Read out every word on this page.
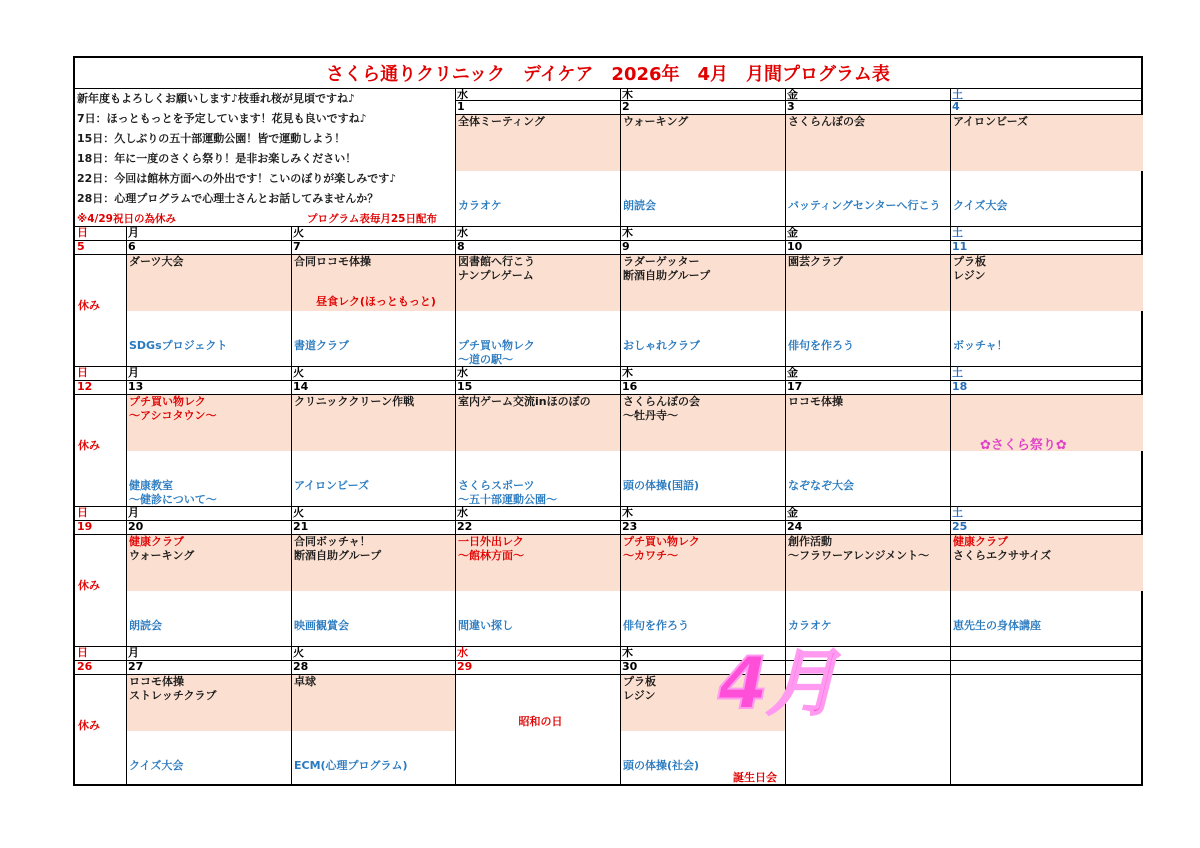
さくら通りクリニック　デイケア　2026年　4月　月間プログラム表
水
1
全体ミーティング
カラオケ
木
2
ウォーキング
朗読会
金
3
さくらんぼの会
バッティングセンターへ行こう
土
4
アイロンビーズ
クイズ大会
日
5
月
6
火
7
水
8
木
9
金
10
土
11
休み
ダーツ大会
SDGsプロジェクト
合同ロコモ体操
書道クラブ
図書館へ行こう
ナンプレゲーム
プチ買い物レク
～道の駅～
ラダーゲッター
断酒自助グループ
おしゃれクラブ
園芸クラブ
俳句を作ろう
プラ板
レジン
ボッチャ！
昼食レク(ほっともっと)
日
12
月
13
火
14
水
15
木
16
金
17
土
18
休み
プチ買い物レク
～アシコタウン～
健康教室
～健診について～
クリニッククリーン作戦
アイロンビーズ
室内ゲーム交流inほのぼの
さくらスポーツ
～五十部運動公園～
さくらんぼの会
～牡丹寺～
頭の体操(国語)
ロコモ体操
なぞなぞ大会
✿さくら祭り✿
日
19
月
20
火
21
水
22
木
23
金
24
土
25
休み
健康クラブ
ウォーキング
朗読会
合同ボッチャ！
断酒自助グループ
映画観賞会
一日外出レク
～館林方面～
間違い探し
プチ買い物レク
～カワチ～
俳句を作ろう
創作活動
～フラワーアレンジメント～
カラオケ
健康クラブ
さくらエクササイズ
恵先生の身体講座
日
26
月
27
火
28
水
29
木
30
休み
ロコモ体操
ストレッチクラブ
クイズ大会
卓球
ECM(心理プログラム)
プラ板
レジン
頭の体操(社会)
昭和の日
誕生日会
新年度もよろしくお願いします♪枝垂れ桜が見頃ですね♪
7日：ほっともっとを予定しています！花見も良いですね♪
15日：久しぶりの五十部運動公園！皆で運動しよう！
18日：年に一度のさくら祭り！是非お楽しみください！
22日：今回は館林方面への外出です！こいのぼりが楽しみです♪
28日：心理プログラムで心理士さんとお話してみませんか？
※4/29祝日の為休み	プログラム表毎月25日配布
4月
